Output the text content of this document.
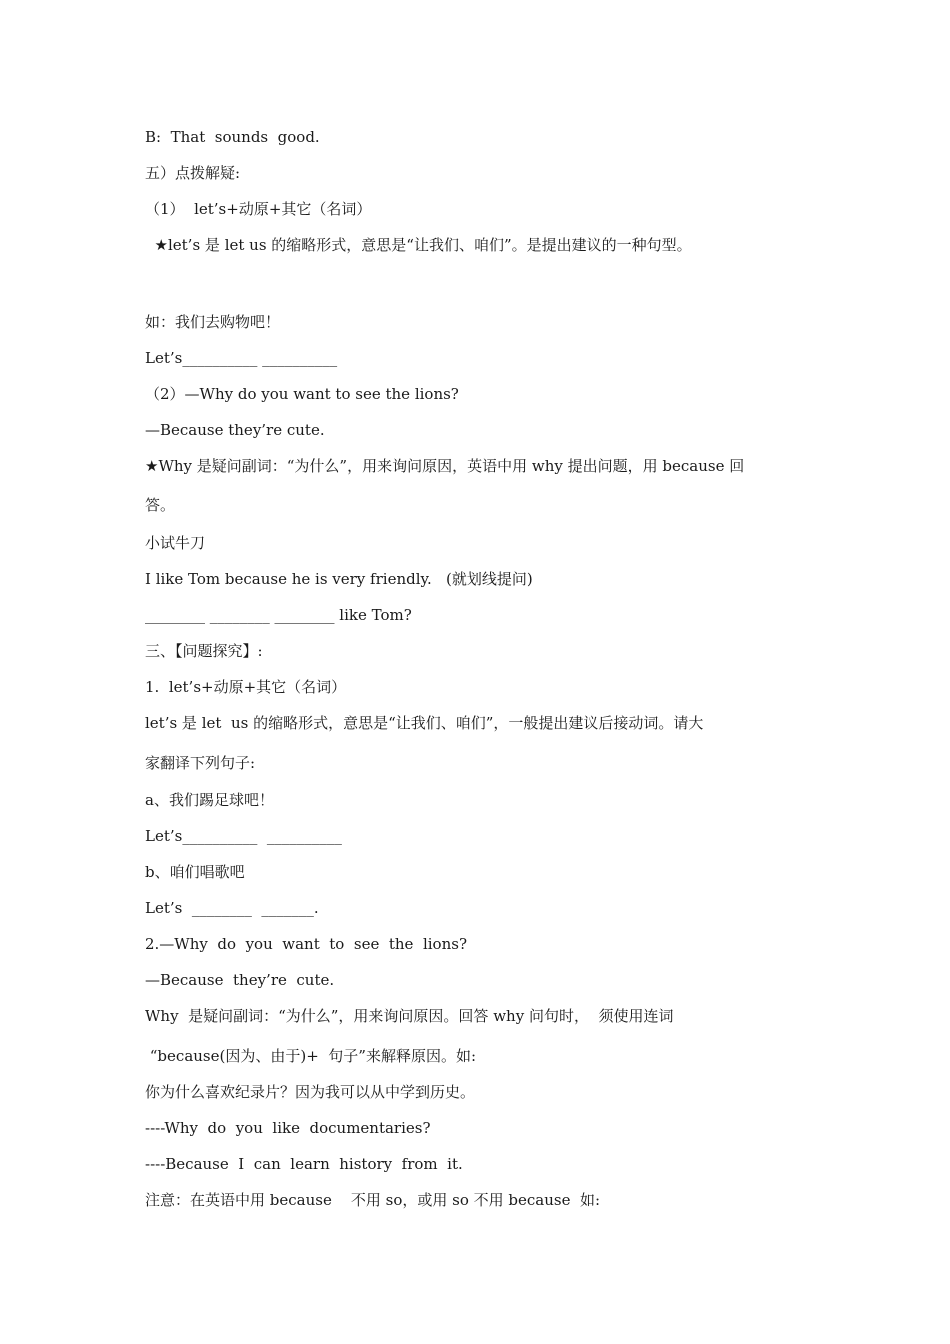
B:  That  sounds  good.
五）点拨解疑:
（1）  let’s+动原+其它（名词）
★let’s 是 let us 的缩略形式，意思是“让我们、咱们”。是提出建议的一种句型。
如：我们去购物吧！
Let’s__________ __________
（2）—Why do you want to see the lions?
—Because they’re cute.
★Why 是疑问副词：“为什么”，用来询问原因，英语中用 why 提出问题，用 because 回
答。
小试牛刀
I like Tom because he is very friendly.   (就划线提问)
________ ________ ________ like Tom?
三、【问题探究】:
1.  let’s+动原+其它（名词）
let’s 是 let  us 的缩略形式，意思是“让我们、咱们”，一般提出建议后接动词。请大
家翻译下列句子:
a、我们踢足球吧！
Let’s__________  __________
b、咱们唱歌吧
Let’s  ________  _______.
2.—Why  do  you  want  to  see  the  lions?
—Because  they’re  cute.
Why  是疑问副词：“为什么”，用来询问原因。回答 why 问句时，  须使用连词
“because(因为、由于)+  句子”来解释原因。如:
你为什么喜欢纪录片？因为我可以从中学到历史。
----Why  do  you  like  documentaries?
----Because  I  can  learn  history  from  it.
注意：在英语中用 because    不用 so，或用 so 不用 because  如:
